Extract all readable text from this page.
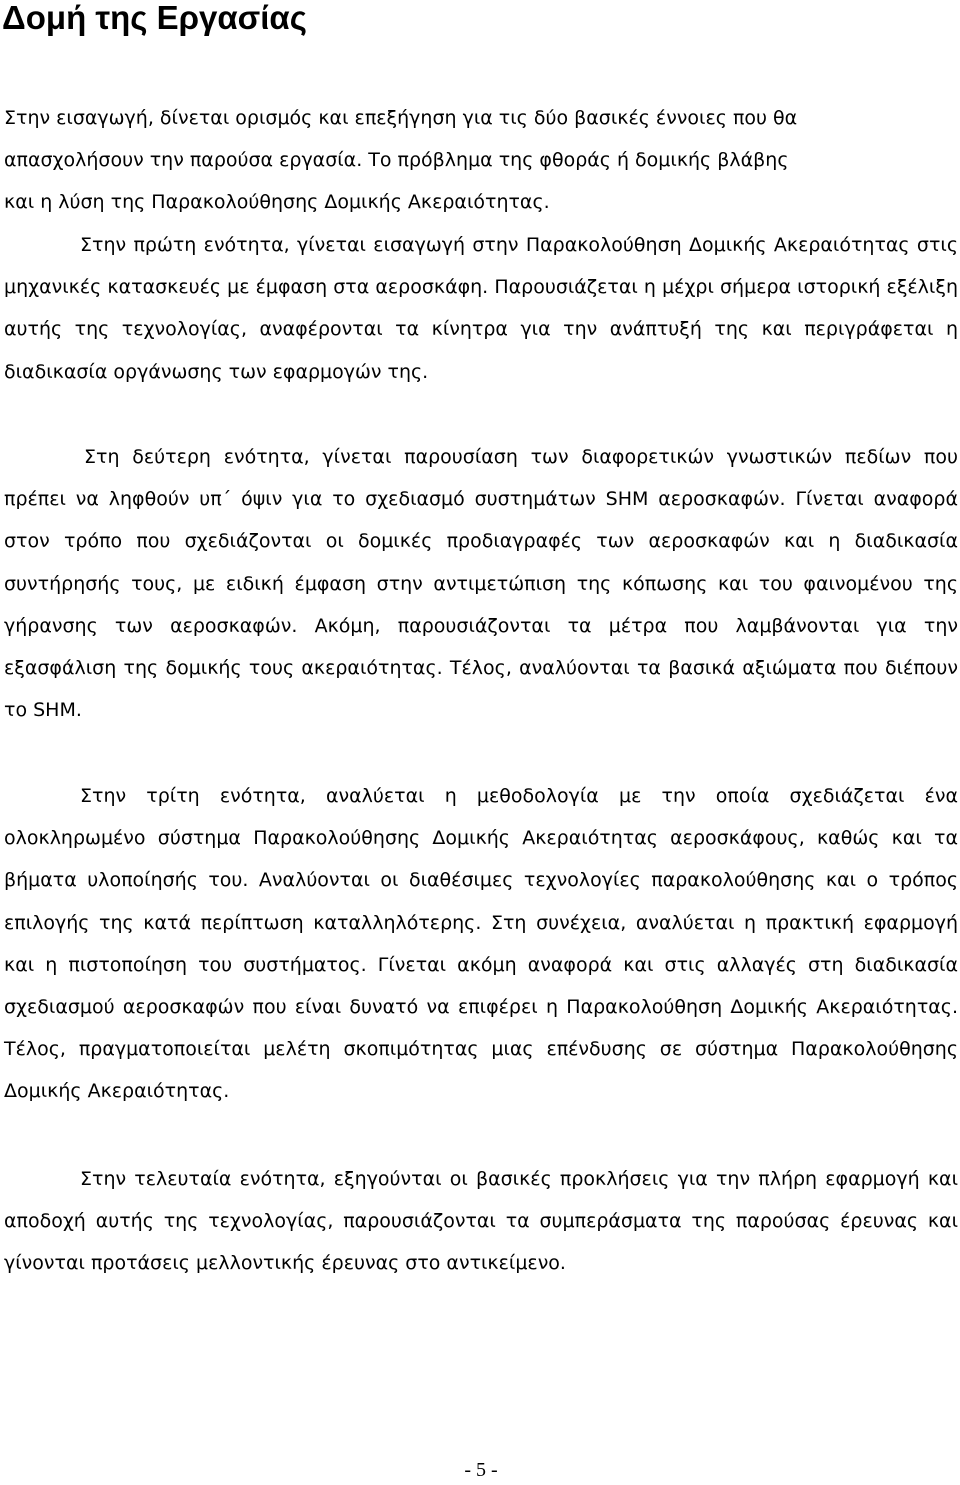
Δομή της Εργασίας

Στην εισαγωγή, δίνεται ορισμός και επεξήγηση για τις δύο βασικές έννοιες που θα
απασχολήσουν την παρούσα εργασία. Το πρόβλημα της φθοράς ή δομικής βλάβης
και η λύση της Παρακολούθησης Δομικής Ακεραιότητας.

Στην πρώτη ενότητα, γίνεται εισαγωγή στην Παρακολούθηση Δομικής Ακεραιότητας στις μηχανικές κατασκευές με έμφαση στα αεροσκάφη. Παρουσιάζεται η μέχρι σήμερα ιστορική εξέλιξη αυτής της τεχνολογίας, αναφέρονται τα κίνητρα για την ανάπτυξή της και περιγράφεται η διαδικασία οργάνωσης των εφαρμογών της.

Στη δεύτερη ενότητα, γίνεται παρουσίαση των διαφορετικών γνωστικών πεδίων που πρέπει να ληφθούν υπ΄ όψιν για το σχεδιασμό συστημάτων SHM αεροσκαφών. Γίνεται αναφορά στον τρόπο που σχεδιάζονται οι δομικές προδιαγραφές των αεροσκαφών και η διαδικασία συντήρησής τους, με ειδική έμφαση στην αντιμετώπιση της κόπωσης και του φαινομένου της γήρανσης των αεροσκαφών. Ακόμη, παρουσιάζονται τα μέτρα που λαμβάνονται για την εξασφάλιση της δομικής τους ακεραιότητας. Τέλος, αναλύονται τα βασικά αξιώματα που διέπουν το SHM.

Στην τρίτη ενότητα, αναλύεται η μεθοδολογία με την οποία σχεδιάζεται ένα ολοκληρωμένο σύστημα Παρακολούθησης Δομικής Ακεραιότητας αεροσκάφους, καθώς και τα βήματα υλοποίησής του. Αναλύονται οι διαθέσιμες τεχνολογίες παρακολούθησης και ο τρόπος επιλογής της κατά περίπτωση καταλληλότερης. Στη συνέχεια, αναλύεται η πρακτική εφαρμογή και η πιστοποίηση του συστήματος. Γίνεται ακόμη αναφορά και στις αλλαγές στη διαδικασία σχεδιασμού αεροσκαφών που είναι δυνατό να επιφέρει η Παρακολούθηση Δομικής Ακεραιότητας. Τέλος, πραγματοποιείται μελέτη σκοπιμότητας μιας επένδυσης σε σύστημα Παρακολούθησης Δομικής Ακεραιότητας.

Στην τελευταία ενότητα, εξηγούνται οι βασικές προκλήσεις για την πλήρη εφαρμογή και αποδοχή αυτής της τεχνολογίας, παρουσιάζονται τα συμπεράσματα της παρούσας έρευνας και γίνονται προτάσεις μελλοντικής έρευνας στο αντικείμενο.

- 5 -
